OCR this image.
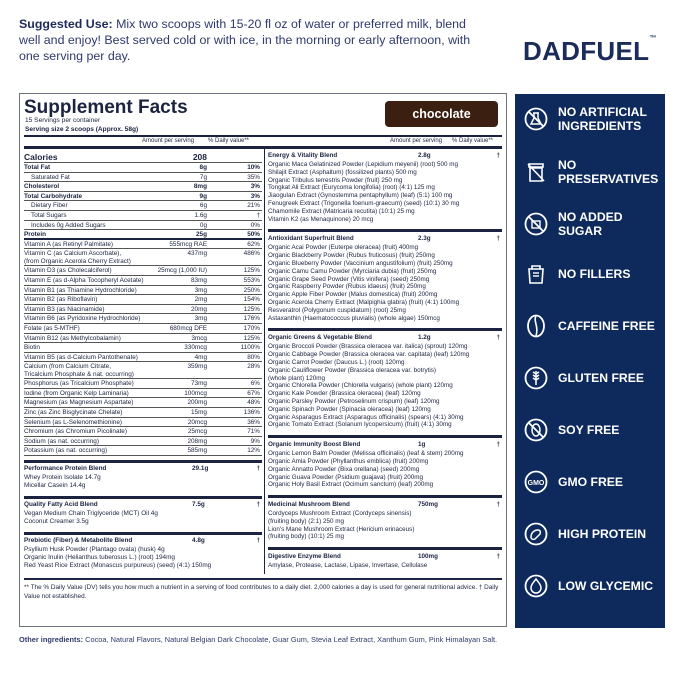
Suggested Use: Mix two scoops with 15-20 fl oz of water or preferred milk, blend well and enjoy! Best served cold or with ice, in the morning or early afternoon, with one serving per day.	DADFUEL™
Supplement Facts
15 Servings per container
Serving size 2 scoops (Approx. 58g)
chocolate
Amount per serving % Daily value**	Amount per serving % Daily value**
Calories	208
Total Fat	8g	10%
Saturated Fat	7g	35%
Cholesterol	8mg	3%
Total Carbohydrate	9g	3%
Dietary Fiber	6g	21%
Total Sugars	1.6g	†
Includes 0g Added Sugars	0g	0%
Protein	25g	50%
Vitamin A (as Retinyl Palmitate)	555mcg RAE	62%
Vitamin C (as Calcium Ascorbate),
(from Organic Acerola Cherry Extract)
437mg	486%
Vitamin D3 (as Cholecalciferol)	25mcg (1,000 IU)	125%
Vitamin E (as d-Alpha Tocopheryl Acetate)	83mg	553%
Vitamin B1 (as Thiamine Hydrochloride)	3mg	250%
Vitamin B2 (as Riboflavin)	2mg	154%
Vitamin B3 (as Niacinamide)	20mg	125%
Vitamin B6 (as Pyridoxine Hydrochloride)	3mg	176%
Folate (as 5-MTHF)	680mcg DFE	170%
Vitamin B12 (as Methylcobalamin)	3mcg	125%
Biotin	330mcg	1100%
Vitamin B5 (as d-Calcium Pantothenate)	4mg	80%
Calcium (from Calcium Citrate,
Tricalcium Phosphate & nat. occurring)
359mg	28%
Phosphorus (as Tricalcium Phosphate)	73mg	6%
Iodine (from Organic Kelp Laminaria)	100mcg	67%
Magnesium (as Magnesium Aspartate)	200mg	48%
Zinc (as Zinc Bisglycinate Chelate)	15mg	136%
Selenium (as L-Selenomethionine)	20mcg	36%
Chromium (as Chromium Picolinate)	25mcg	71%
Sodium (as nat. occurring)	208mg	9%
Potassium (as nat. occurring)	585mg	12%
Performance Protein Blend	29.1g	†
Whey Protein Isolate 14.7g
Micellar Casein 14.4g
Quality Fatty Acid Blend	7.5g	†
Vegan Medium Chain Triglyceride (MCT) Oil 4g
Coconut Creamer 3.5g
Prebiotic (Fiber) & Metabolite Blend	4.8g	†
Psyllium Husk Powder (Plantago ovata) (husk) 4g
Organic Inulin (Helianthus tuberosus L.) (root) 194mg
Red Yeast Rice Extract (Monascus purpureus) (seed) (4:1) 150mg
Energy & Vitality Blend	2.8g	†
Organic Maca Gelatinized Powder (Lepidium meyenii) (root) 500 mg
Shilajit Extract (Asphaltum) (fossilized plants) 500 mg
Organic Tribulus terrestris Powder (fruit) 250 mg
Tongkat Ali Extract (Eurycoma longifolia) (root) (4:1) 125 mg
Jiaogulan Extract (Gynostemma pentaphyllum) (leaf) (5:1) 100 mg
Fenugreek Extract (Trigonella foenum-graecum) (seed) (10:1) 30 mg
Chamomile Extract (Matricaria recutita) (10:1) 25 mg
Vitamin K2 (as Menaquinone) 20 mcg
Antioxidant Superfruit Blend	2.3g	†
Organic Acai Powder (Euterpe oleracea) (fruit) 400mg
Organic Blackberry Powder (Rubus fruticosus) (fruit) 250mg
Organic Blueberry Powder (Vaccinium angustifolium) (fruit) 250mg
Organic Camu Camu Powder (Myrciaria dubia) (fruit) 250mg
Organic Grape Seed Powder (Vitis vinifera) (seed) 250mg
Organic Raspberry Powder (Rubus idaeus) (fruit) 250mg
Organic Apple Fiber Powder (Malus domestica) (fruit) 200mg
Organic Acerola Cherry Extract (Malpighia glabra) (fruit) (4:1) 100mg
Resveratrol (Polygonum cuspidatum) (root) 25mg
Astaxanthin (Haematococcus pluvialis) (whole algae) 150mcg
Organic Greens & Vegetable Blend	1.2g	†
Organic Broccoli Powder (Brassica oleracea var. italica) (sprout) 120mg
Organic Cabbage Powder (Brassica oleracea var. capitata) (leaf) 120mg
Organic Carrot Powder (Daucus L.) (root) 120mg
Organic Cauliflower Powder (Brassica oleracea var. botrytis)
(whole plant) 120mg
Organic Chlorella Powder (Chlorella vulgaris) (whole plant) 120mg
Organic Kale Powder (Brassica oleracea) (leaf) 120mg
Organic Parsley Powder (Petroselinum crispum) (leaf) 120mg
Organic Spinach Powder (Spinacia oleracea) (leaf) 120mg
Organic Asparagus Extract (Asparagus officinalis) (spears) (4:1) 30mg
Organic Tomato Extract (Solanum lycopersicum) (fruit) (4:1) 30mg
Organic Immunity Boost Blend	1g	†
Organic Lemon Balm Powder (Melissa officinalis) (leaf & stem) 200mg
Organic Amla Powder (Phyllanthus emblica) (fruit) 200mg
Organic Annatto Powder (Bixa orellana) (seed) 200mg
Organic Guava Powder (Psidium guajava) (fruit) 200mg
Organic Holy Basil Extract (Ocimum sanctum) (leaf) 200mg
Medicinal Mushroom Blend	750mg	†
Cordyceps Mushroom Extract (Cordyceps sinensis)
(fruiting body) (2:1) 250 mg
Lion's Mane Mushroom Extract (Hericium erinaceus)
(fruiting body) (10:1) 25 mg
Digestive Enzyme Blend	100mg	†
Amylase, Protease, Lactase, Lipase, Invertase, Cellulase
** The % Daily Value (DV) tells you how much a nutrient in a serving of food contributes to a daily diet. 2,000 calories a day is used for general nutritional advice. † Daily Value not established.
Other ingredients: Cocoa, Natural Flavors, Natural Belgian Dark Chocolate, Guar Gum, Stevia Leaf Extract, Xanthum Gum, Pink Himalayan Salt.
NO ARTIFICIAL
INGREDIENTS
NO
PRESERVATIVES
NO ADDED
SUGAR
NO FILLERS
CAFFEINE FREE
GLUTEN FREE
SOY FREE
GMO GMO FREE
HIGH PROTEIN
LOW GLYCEMIC
